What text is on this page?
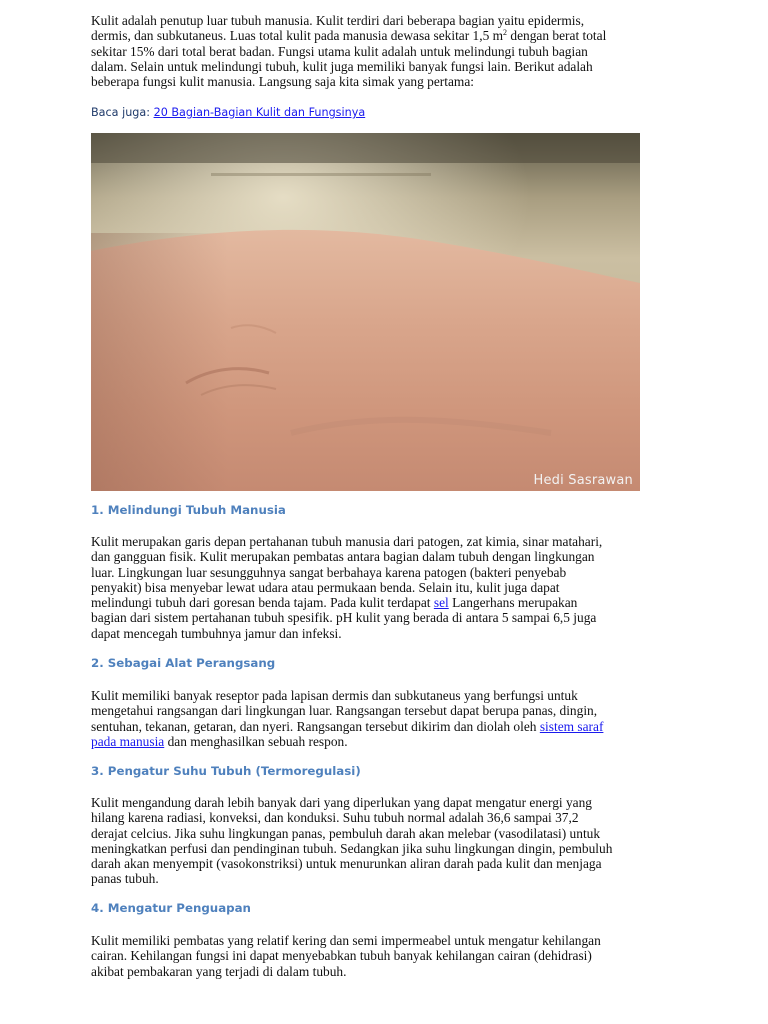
Kulit adalah penutup luar tubuh manusia. Kulit terdiri dari beberapa bagian yaitu epidermis,
dermis, dan subkutaneus. Luas total kulit pada manusia dewasa sekitar 1,5 $m^2$ dengan berat total
sekitar 15% dari total berat badan. Fungsi utama kulit adalah untuk melindungi tubuh bagian
dalam. Selain untuk melindungi tubuh, kulit juga memiliki banyak fungsi lain. Berikut adalah
beberapa fungsi kulit manusia. Langsung saja kita simak yang pertama:
Baca juga: 20 Bagian-Bagian Kulit dan Fungsinya
Hedi Sasrawan
1. Melindungi Tubuh Manusia
Kulit merupakan garis depan pertahanan tubuh manusia dari patogen, zat kimia, sinar matahari,
dan gangguan fisik. Kulit merupakan pembatas antara bagian dalam tubuh dengan lingkungan
luar. Lingkungan luar sesungguhnya sangat berbahaya karena patogen (bakteri penyebab
penyakit) bisa menyebar lewat udara atau permukaan benda. Selain itu, kulit juga dapat
melindungi tubuh dari goresan benda tajam. Pada kulit terdapat sel Langerhans merupakan
bagian dari sistem pertahanan tubuh spesifik. pH kulit yang berada di antara 5 sampai 6,5 juga
dapat mencegah tumbuhnya jamur dan infeksi.
2. Sebagai Alat Perangsang
Kulit memiliki banyak reseptor pada lapisan dermis dan subkutaneus yang berfungsi untuk
mengetahui rangsangan dari lingkungan luar. Rangsangan tersebut dapat berupa panas, dingin,
sentuhan, tekanan, getaran, dan nyeri. Rangsangan tersebut dikirim dan diolah oleh sistem saraf
pada manusia dan menghasilkan sebuah respon.
3. Pengatur Suhu Tubuh (Termoregulasi)
Kulit mengandung darah lebih banyak dari yang diperlukan yang dapat mengatur energi yang
hilang karena radiasi, konveksi, dan konduksi. Suhu tubuh normal adalah 36,6 sampai 37,2
derajat celcius. Jika suhu lingkungan panas, pembuluh darah akan melebar (vasodilatasi) untuk
meningkatkan perfusi dan pendinginan tubuh. Sedangkan jika suhu lingkungan dingin, pembuluh
darah akan menyempit (vasokonstriksi) untuk menurunkan aliran darah pada kulit dan menjaga
panas tubuh.
4. Mengatur Penguapan
Kulit memiliki pembatas yang relatif kering dan semi impermeabel untuk mengatur kehilangan
cairan. Kehilangan fungsi ini dapat menyebabkan tubuh banyak kehilangan cairan (dehidrasi)
akibat pembakaran yang terjadi di dalam tubuh.
